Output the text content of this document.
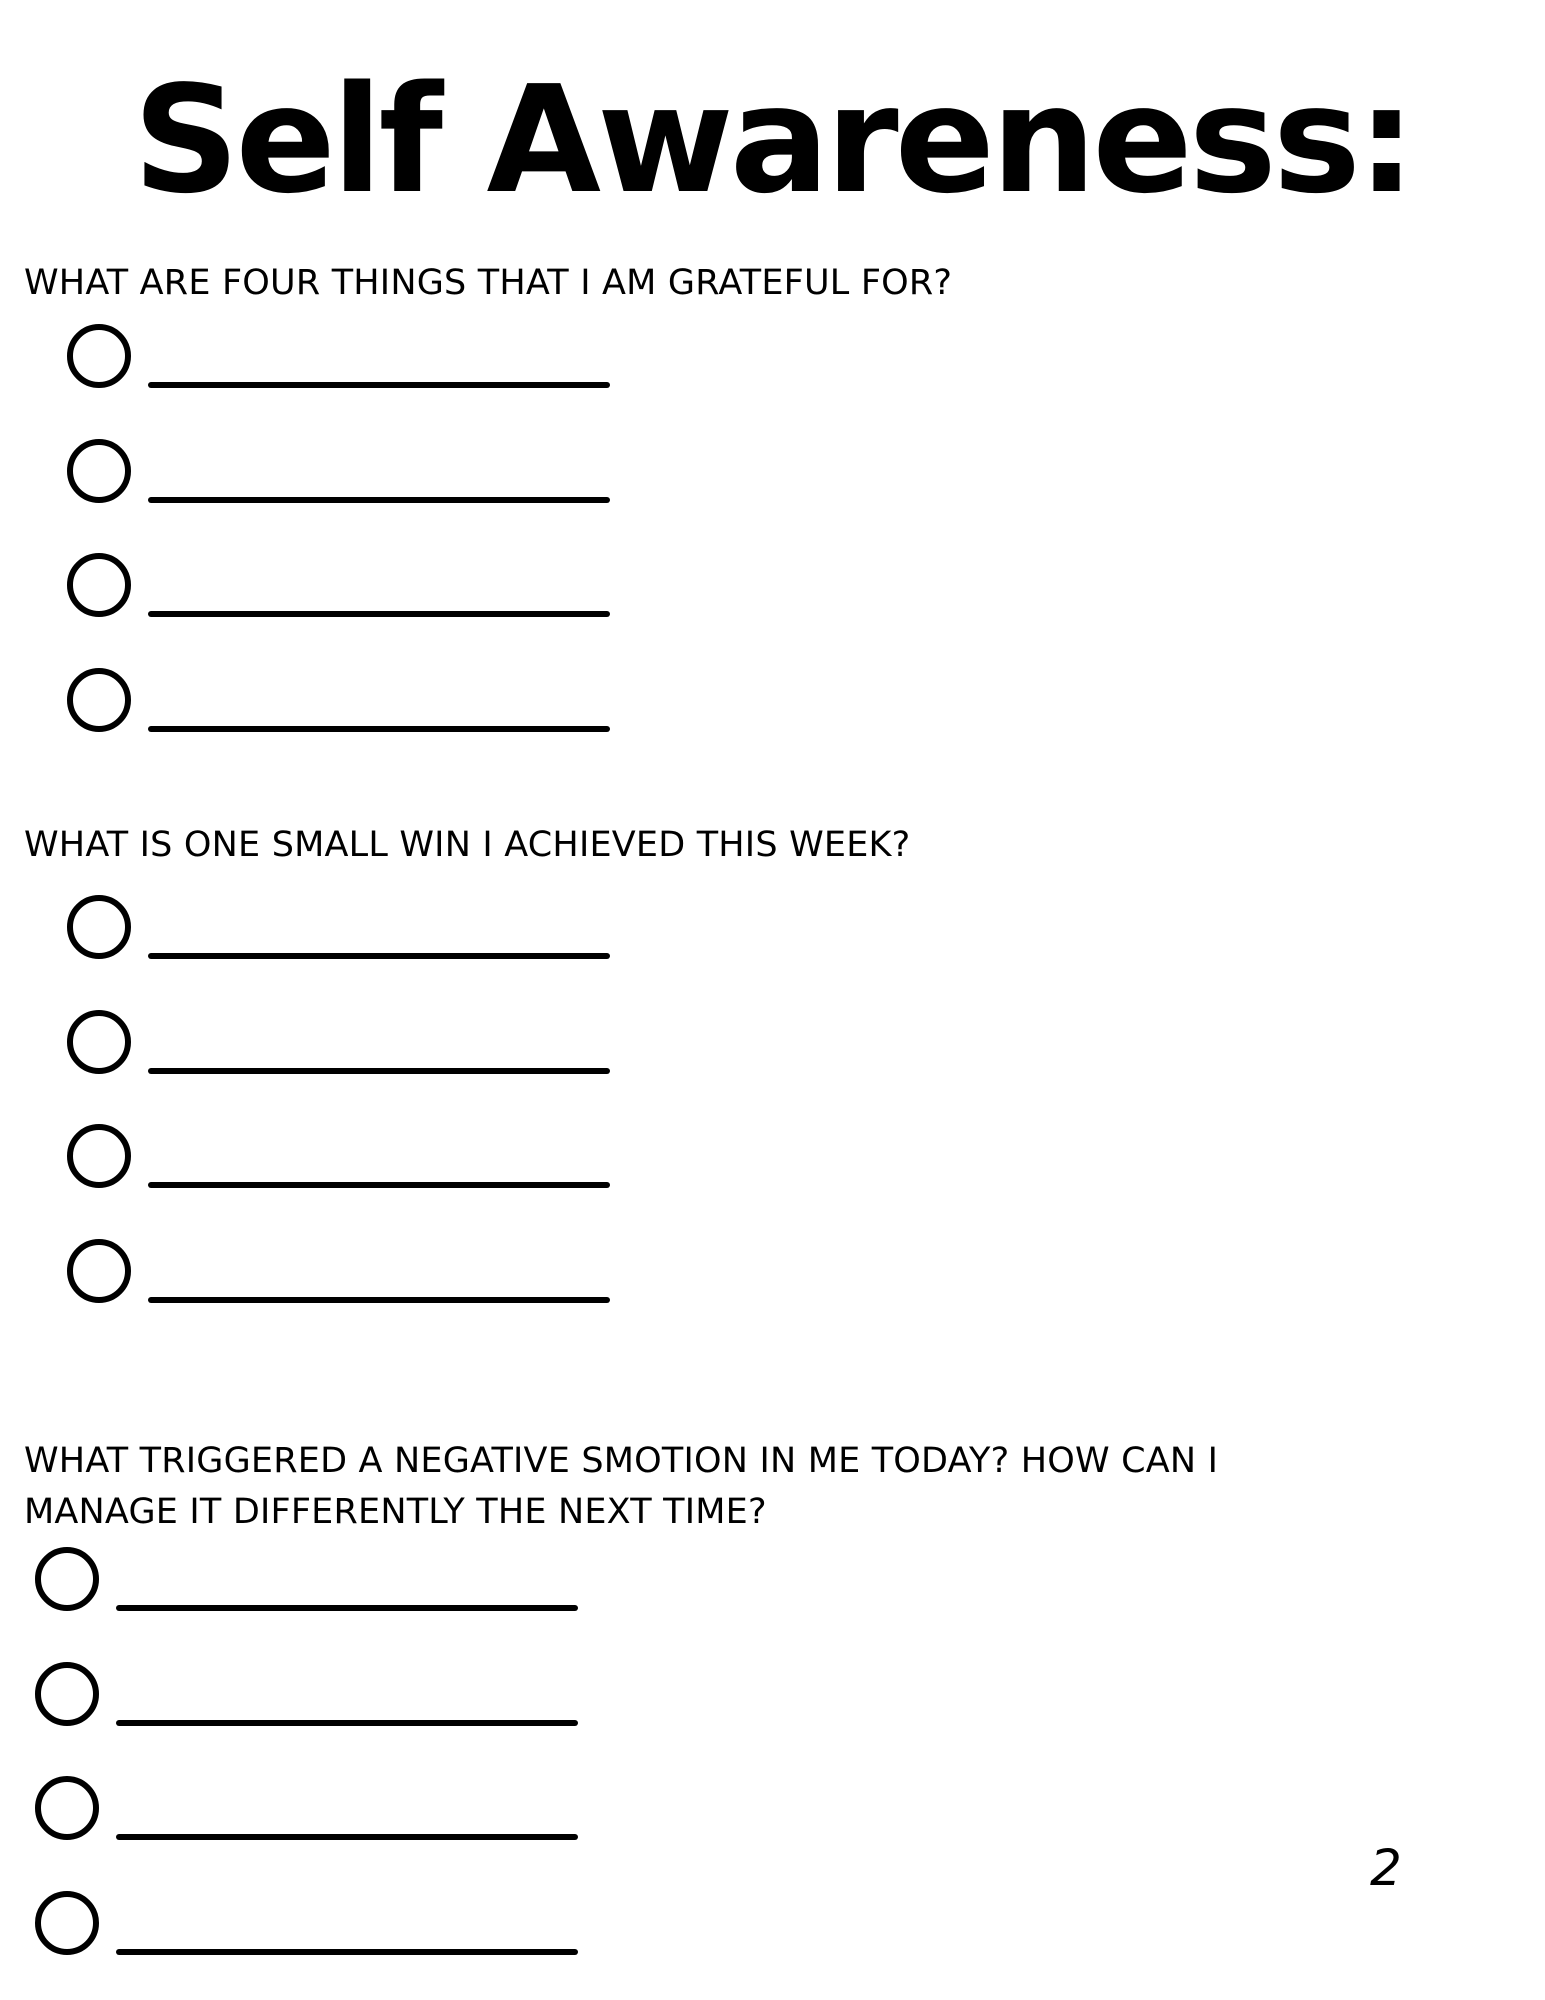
Self Awareness:
WHAT ARE FOUR THINGS THAT I AM GRATEFUL FOR?
WHAT IS ONE SMALL WIN I ACHIEVED THIS WEEK?
WHAT TRIGGERED A NEGATIVE SMOTION IN ME TODAY? HOW CAN I
MANAGE IT DIFFERENTLY THE NEXT TIME?
2
